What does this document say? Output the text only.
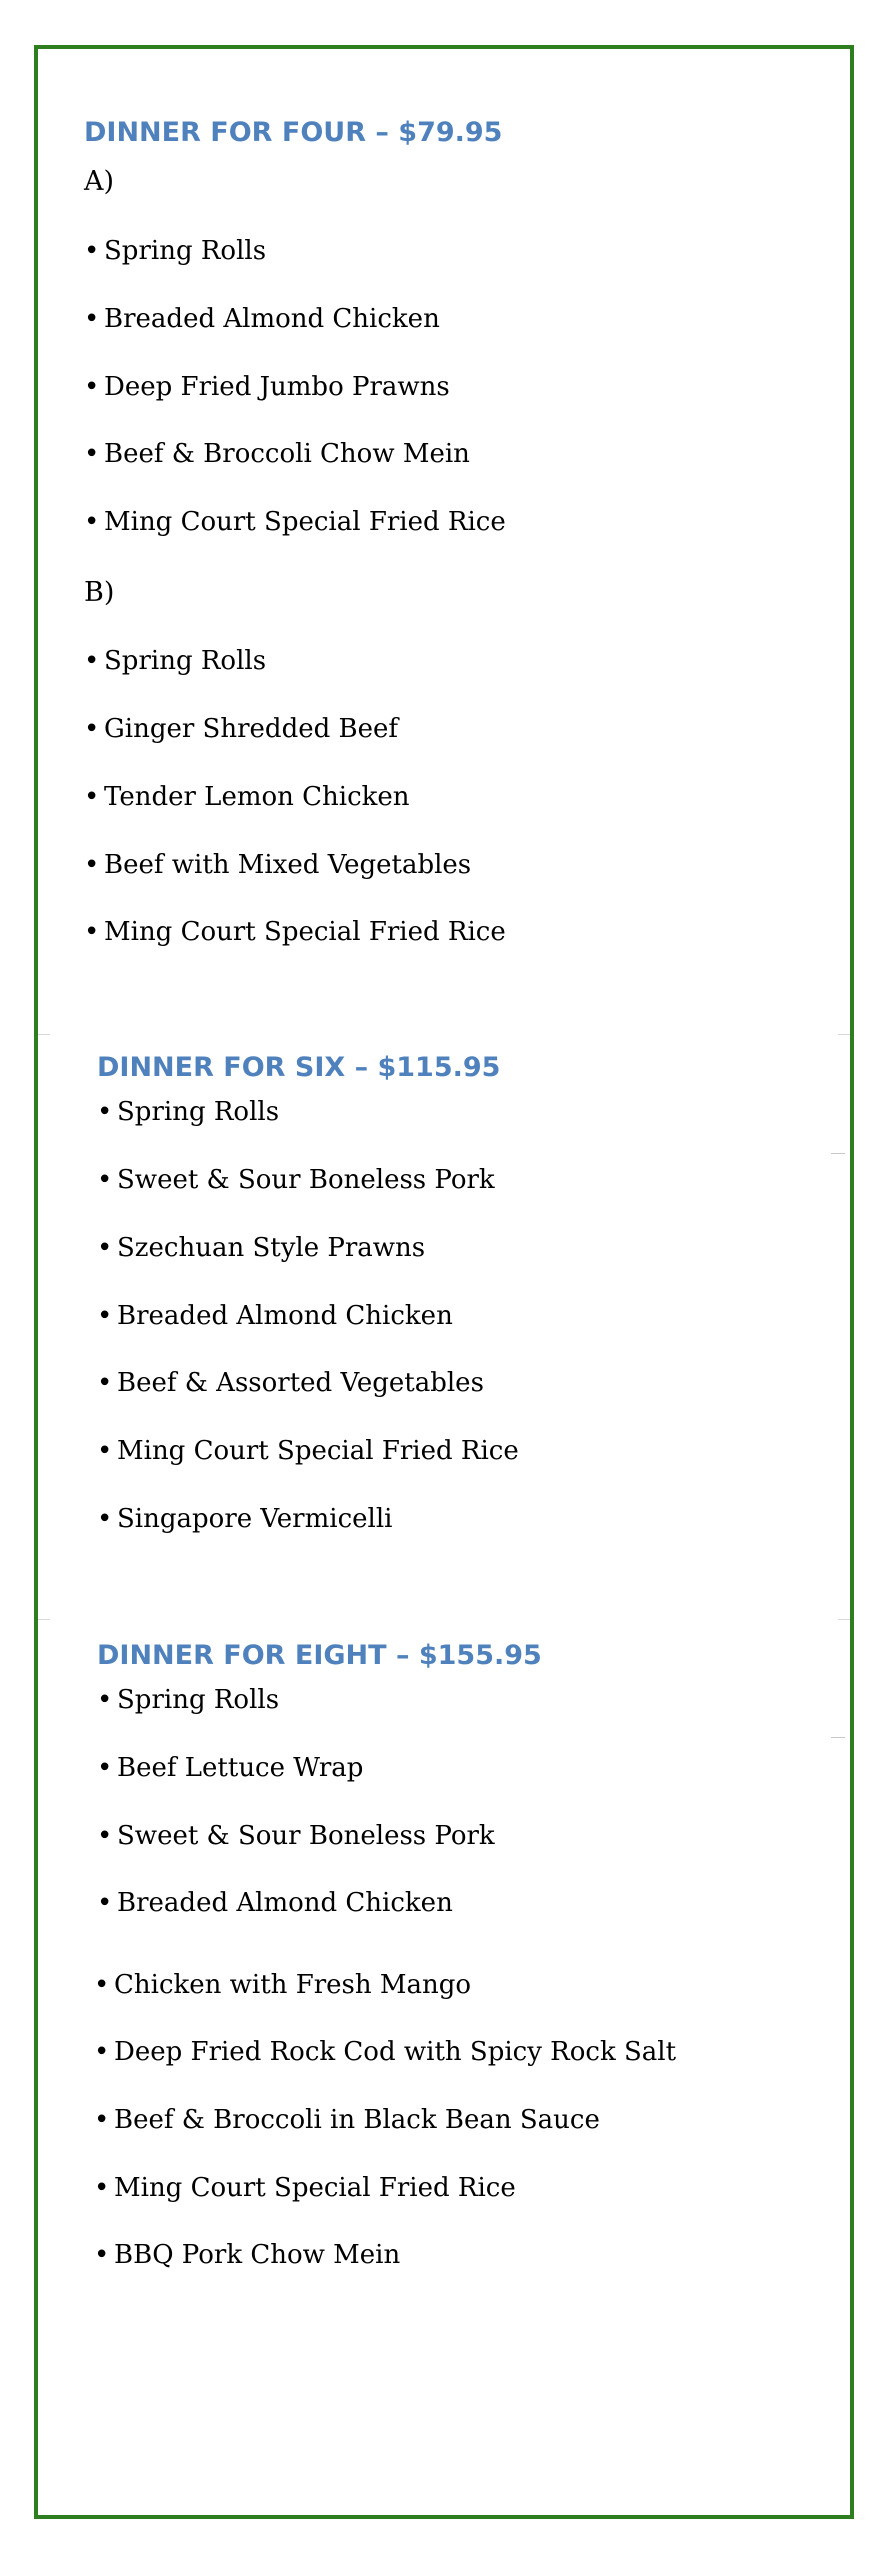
DINNER FOR FOUR – $79.95
A)
• Spring Rolls
• Breaded Almond Chicken
• Deep Fried Jumbo Prawns
• Beef & Broccoli Chow Mein
• Ming Court Special Fried Rice
B)
• Spring Rolls
• Ginger Shredded Beef
• Tender Lemon Chicken
• Beef with Mixed Vegetables
• Ming Court Special Fried Rice
DINNER FOR SIX – $115.95
• Spring Rolls
• Sweet & Sour Boneless Pork
• Szechuan Style Prawns
• Breaded Almond Chicken
• Beef & Assorted Vegetables
• Ming Court Special Fried Rice
• Singapore Vermicelli
DINNER FOR EIGHT – $155.95
• Spring Rolls
• Beef Lettuce Wrap
• Sweet & Sour Boneless Pork
• Breaded Almond Chicken
• Chicken with Fresh Mango
• Deep Fried Rock Cod with Spicy Rock Salt
• Beef & Broccoli in Black Bean Sauce
• Ming Court Special Fried Rice
• BBQ Pork Chow Mein
